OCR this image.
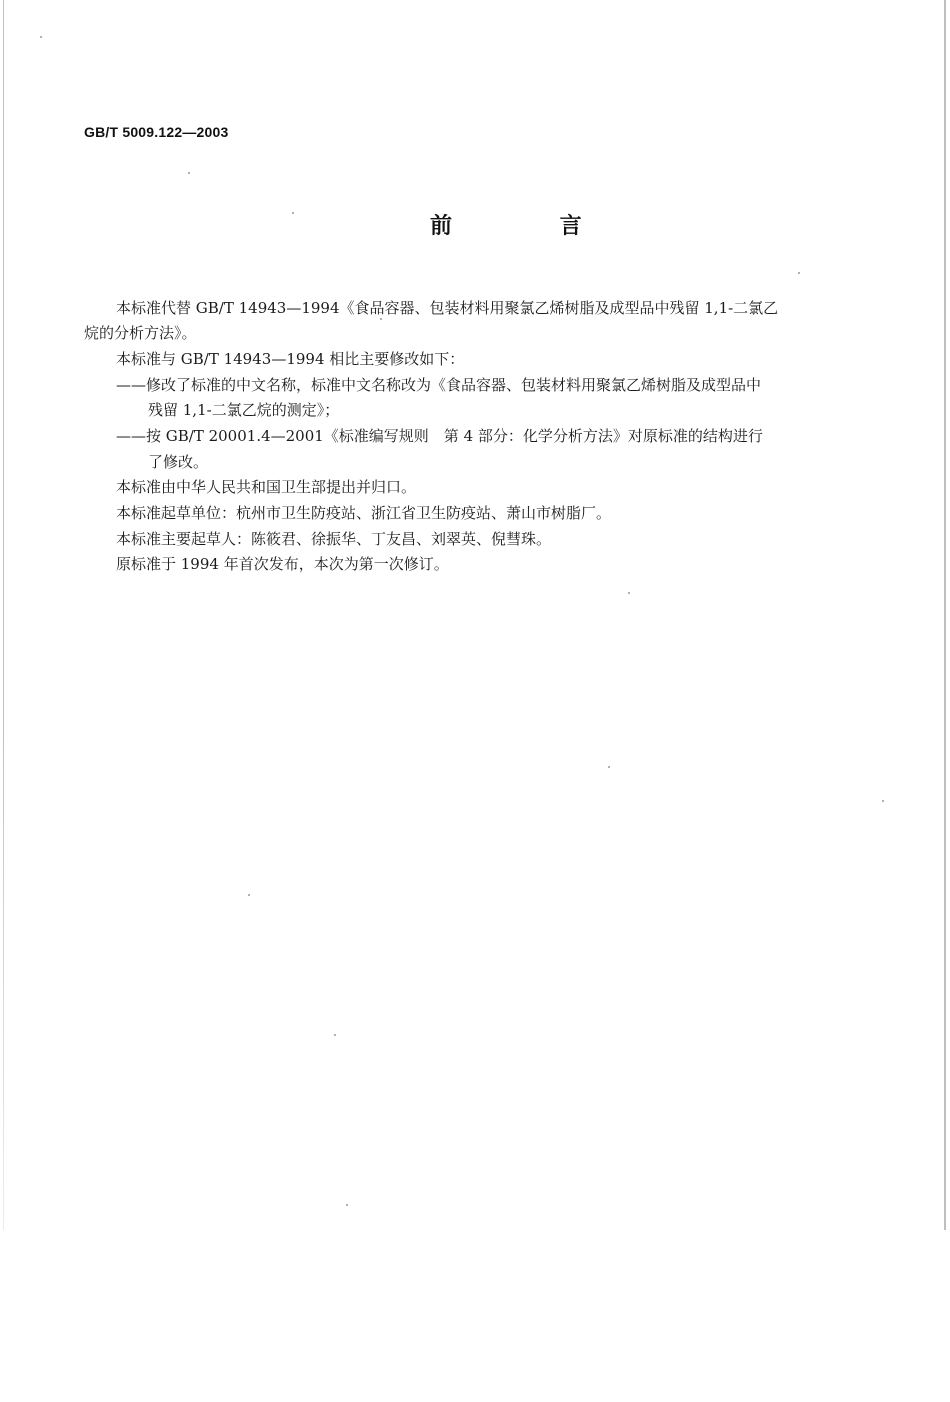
GB/T 5009.122—2003
前 言
本标准代替 GB/T 14943—1994《食品容器、包装材料用聚氯乙烯树脂及成型品中残留 1,1-二氯乙
烷的分析方法》。
本标准与 GB/T 14943—1994 相比主要修改如下：
——修改了标准的中文名称，标准中文名称改为《食品容器、包装材料用聚氯乙烯树脂及成型品中
残留 1,1-二氯乙烷的测定》；
——按 GB/T 20001.4—2001《标准编写规则　第 4 部分：化学分析方法》对原标准的结构进行
了修改。
本标准由中华人民共和国卫生部提出并归口。
本标准起草单位：杭州市卫生防疫站、浙江省卫生防疫站、萧山市树脂厂。
本标准主要起草人：陈筱君、徐振华、丁友昌、刘翠英、倪彗珠。
原标准于 1994 年首次发布，本次为第一次修订。
